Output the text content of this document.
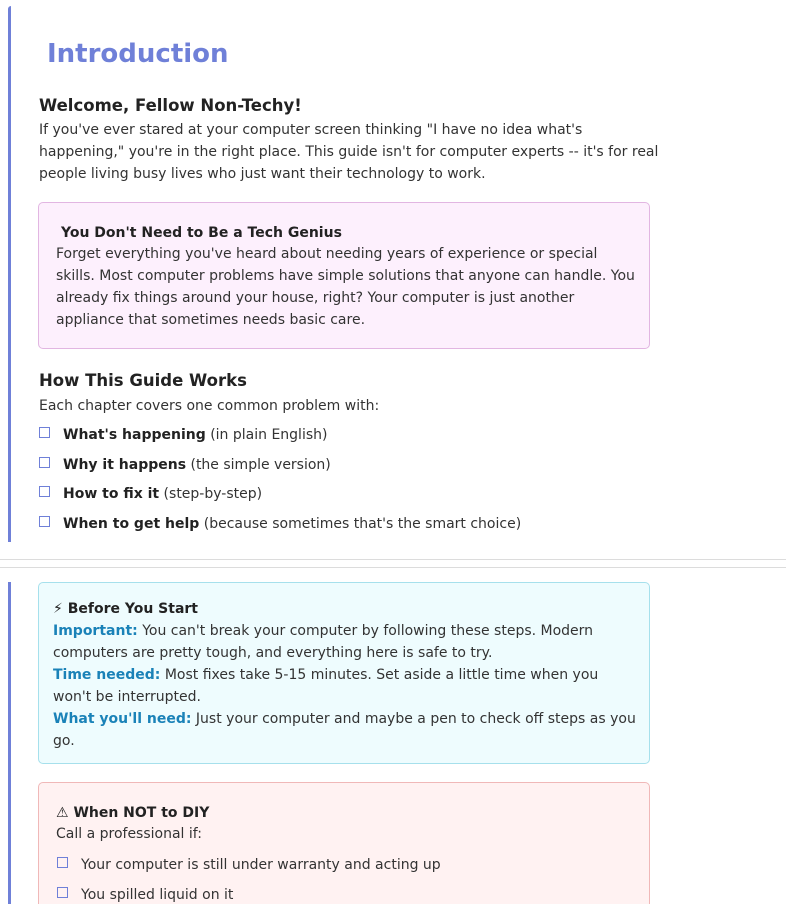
Introduction
Welcome, Fellow Non-Techy!

If you've ever stared at your computer screen thinking "I have no idea what's happening," you're in the right place. This guide isn't for computer experts -- it's for real people living busy lives who just want their technology to work.

You Don't Need to Be a Tech Genius
Forget everything you've heard about needing years of experience or special skills. Most computer problems have simple solutions that anyone can handle. You already fix things around your house, right? Your computer is just another appliance that sometimes needs basic care.
How This Guide Works

Each chapter covers one common problem with:

What's happening (in plain English)
Why it happens (the simple version)
How to fix it (step-by-step)
When to get help (because sometimes that's the smart choice)
⚡ Before You Start
Important: You can't break your computer by following these steps. Modern computers are pretty tough, and everything here is safe to try.
Time needed: Most fixes take 5-15 minutes. Set aside a little time when you won't be interrupted.
What you'll need: Just your computer and maybe a pen to check off steps as you go.
⚠ When NOT to DIY
Call a professional if:
Your computer is still under warranty and acting up
You spilled liquid on it
